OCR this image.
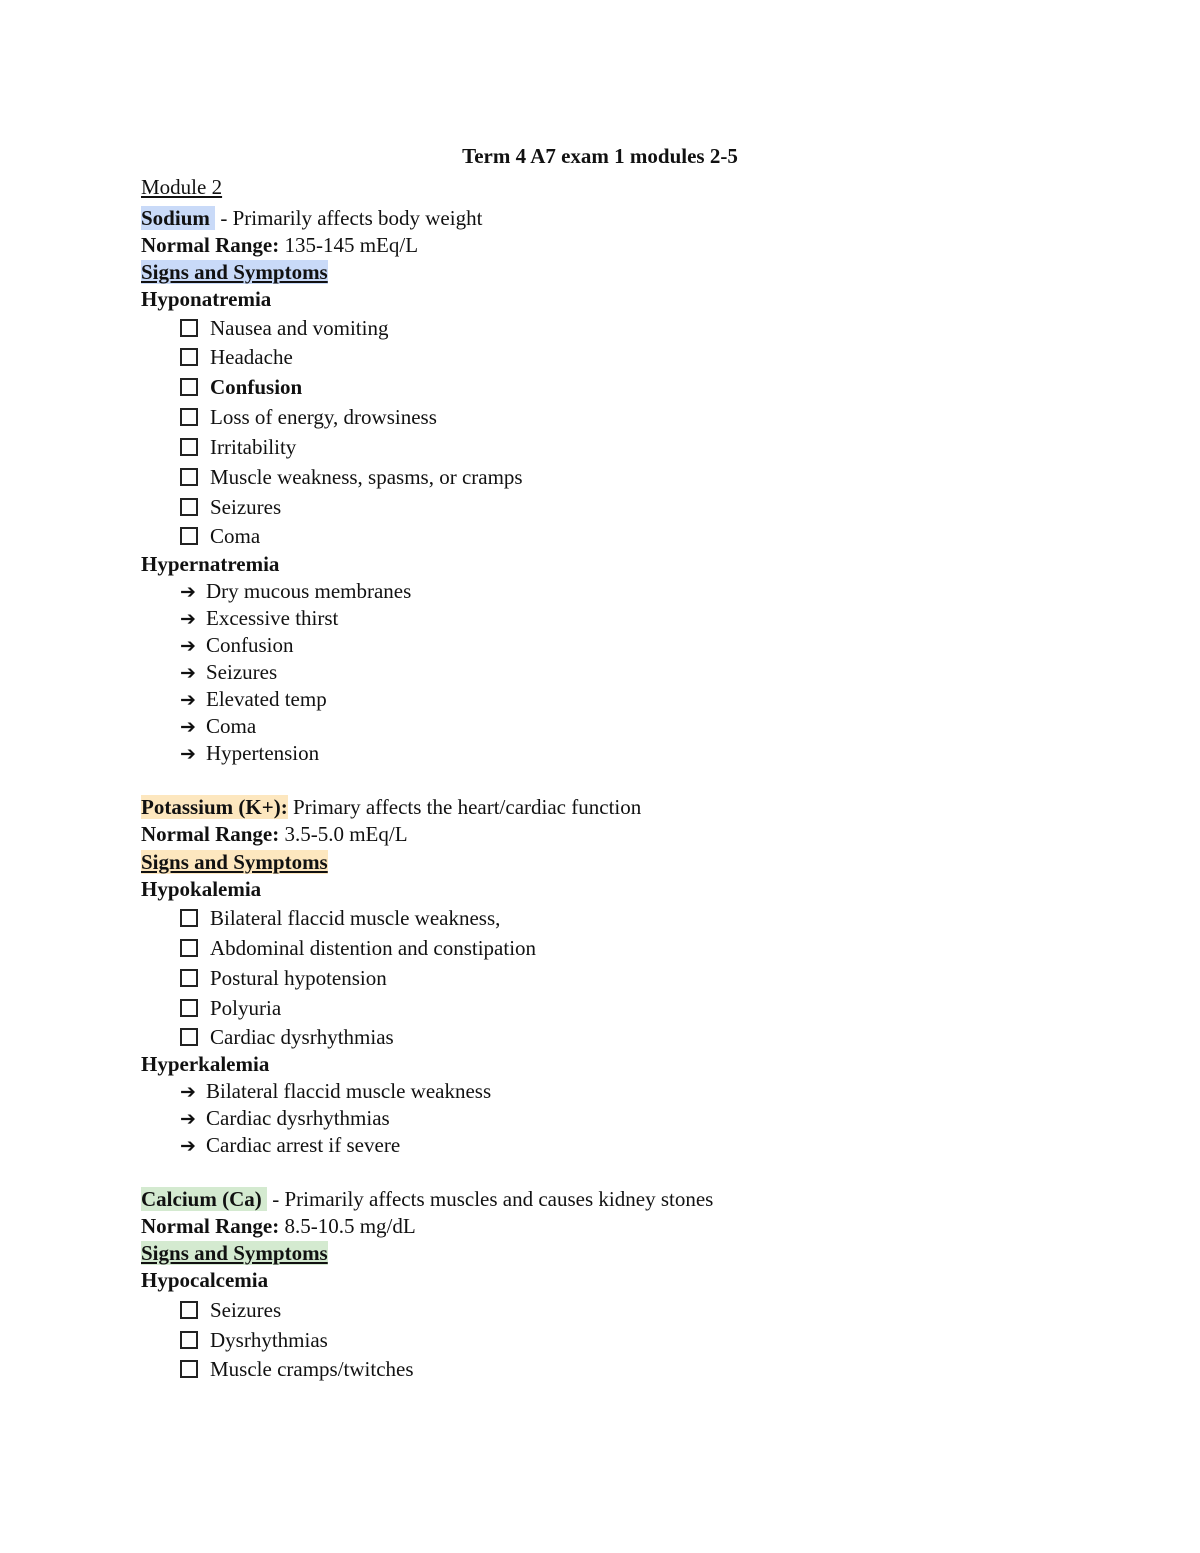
Term 4 A7 exam 1 modules 2-5
Module 2
Sodium  - Primarily affects body weight
Normal Range: 135-145 mEq/L
Signs and Symptoms
Hyponatremia
Nausea and vomiting
Headache
Confusion
Loss of energy, drowsiness
Irritability
Muscle weakness, spasms, or cramps
Seizures
Coma
Hypernatremia
➔ Dry mucous membranes
➔ Excessive thirst
➔ Confusion
➔ Seizures
➔ Elevated temp
➔ Coma
➔ Hypertension
Potassium (K+): Primary affects the heart/cardiac function
Normal Range: 3.5-5.0 mEq/L
Signs and Symptoms
Hypokalemia
Bilateral flaccid muscle weakness,
Abdominal distention and constipation
Postural hypotension
Polyuria
Cardiac dysrhythmias
Hyperkalemia
➔ Bilateral flaccid muscle weakness
➔ Cardiac dysrhythmias
➔ Cardiac arrest if severe
Calcium (Ca)  - Primarily affects muscles and causes kidney stones
Normal Range: 8.5-10.5 mg/dL
Signs and Symptoms
Hypocalcemia
Seizures
Dysrhythmias
Muscle cramps/twitches
